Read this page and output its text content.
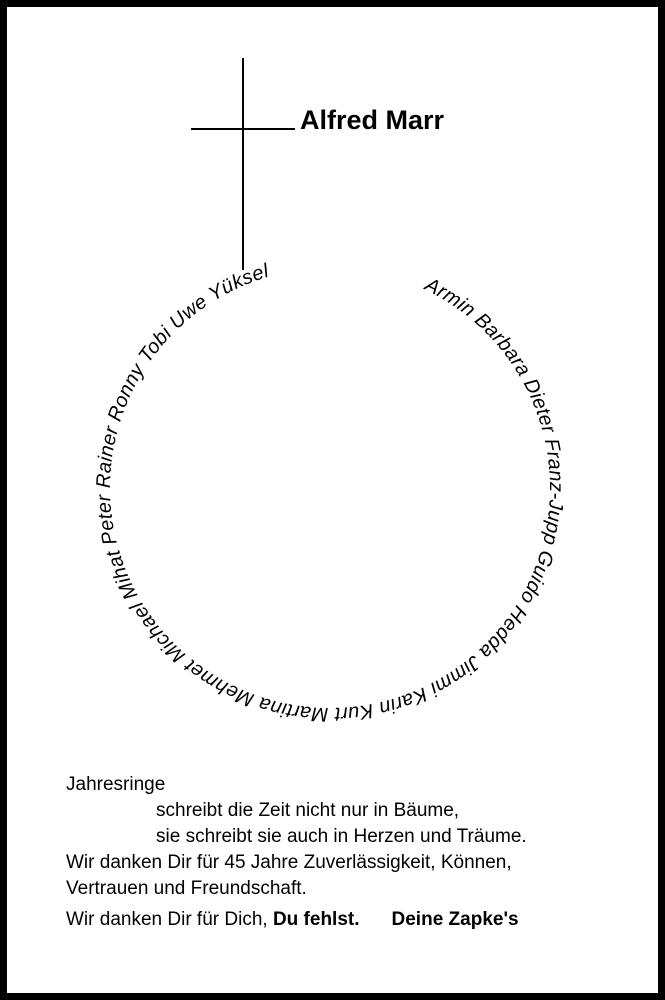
Alfred Marr
Armin Barbara Dieter Franz-Jupp Guido Hedda Jimmi Karin Kurt Martina Mehmet Michael Mihat Peter Rainer Ronny Tobi Uwe Yüksel
Jahresringe
schreibt die Zeit nicht nur in Bäume,
sie schreibt sie auch in Herzen und Träume.
Wir danken Dir für 45 Jahre Zuverlässigkeit, Können,
Vertrauen und Freundschaft.
Wir danken Dir für Dich, Du fehlst. Deine Zapke's
